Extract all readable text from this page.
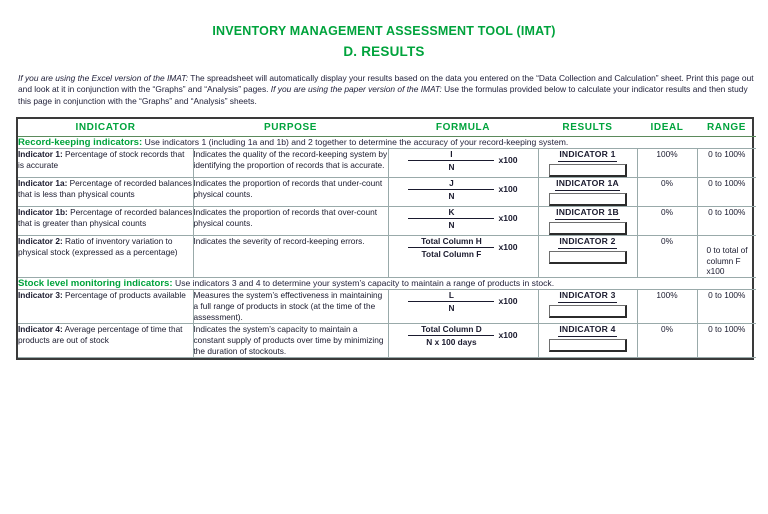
INVENTORY MANAGEMENT ASSESSMENT TOOL (IMAT)
D. RESULTS
If you are using the Excel version of the IMAT: The spreadsheet will automatically display your results based on the data you entered on the “Data Collection and Calculation” sheet. Print this page out and look at it in conjunction with the “Graphs” and “Analysis” pages. If you are using the paper version of the IMAT: Use the formulas provided below to calculate your indicator results and then study this page in conjunction with the “Graphs” and “Analysis” sheets.
INDICATOR	PURPOSE	FORMULA	RESULTS	IDEAL	RANGE
Record-keeping indicators: Use indicators 1 (including 1a and 1b) and 2 together to determine the accuracy of your record-keeping system.					
Indicator 1: Percentage of stock records that is accurate	Indicates the quality of the record-keeping system by identifying the proportion of records that is accurate.	$\frac{I}{N} x100$	INDICATOR 1	100%	0 to 100%
Indicator 1a: Percentage of recorded balances that is less than physical counts	Indicates the proportion of records that under-count physical counts.	$\frac{J}{N} x100$	INDICATOR 1A	0%	0 to 100%
Indicator 1b: Percentage of recorded balances that is greater than physical counts	Indicates the proportion of records that over-count physical counts.	$\frac{K}{N} x100$	INDICATOR 1B	0%	0 to 100%
Indicator 2: Ratio of inventory variation to physical stock (expressed as a percentage)	Indicates the severity of record-keeping errors.	$\frac{\text{Total Column H}}{\text{Total Column F}} x100$	INDICATOR 2	0%	0 to total of column F x100
Stock level monitoring indicators: Use indicators 3 and 4 to determine your system’s capacity to maintain a range of products in stock.					
Indicator 3: Percentage of products available	Measures the system’s effectiveness in maintaining a full range of products in stock (at the time of the assessment).	$\frac{L}{N} x100$	INDICATOR 3	100%	0 to 100%
Indicator 4: Average percentage of time that products are out of stock	Indicates the system’s capacity to maintain a constant supply of products over time by minimizing the duration of stockouts.	$\frac{\text{Total Column D}}{\text{N x 100 days}} x100$	INDICATOR 4	0%	0 to 100%
